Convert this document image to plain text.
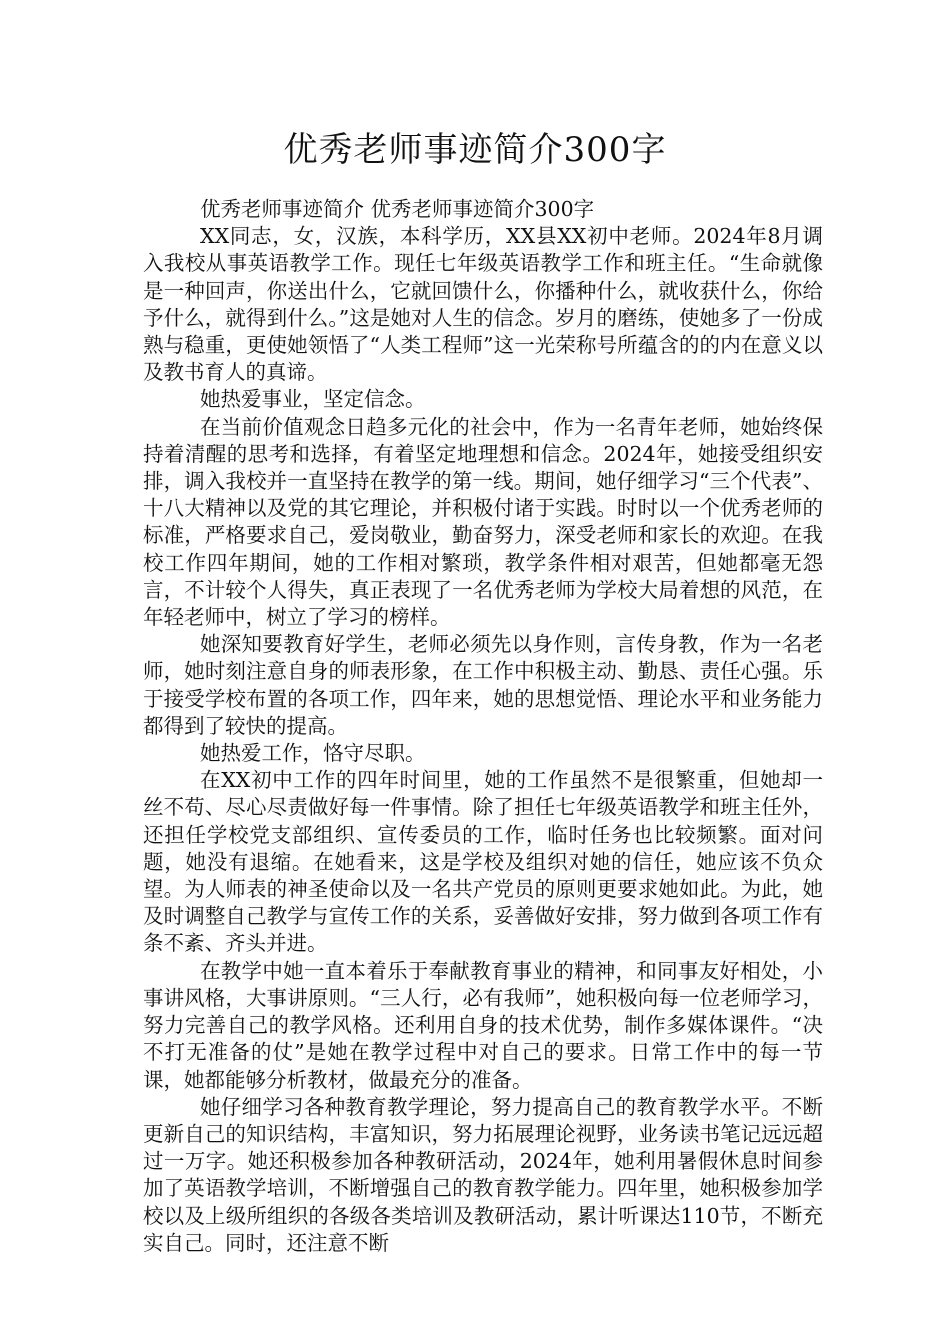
优秀老师事迹简介300字

优秀老师事迹简介 优秀老师事迹简介300字

XX同志，女，汉族，本科学历，XX县XX初中老师。2024年8月调入我校从事英语教学工作。现任七年级英语教学工作和班主任。“生命就像是一种回声，你送出什么，它就回馈什么，你播种什么，就收获什么，你给予什么，就得到什么。”这是她对人生的信念。岁月的磨练，使她多了一份成熟与稳重，更使她领悟了“人类工程师”这一光荣称号所蕴含的的内在意义以及教书育人的真谛。

她热爱事业，坚定信念。

在当前价值观念日趋多元化的社会中，作为一名青年老师，她始终保持着清醒的思考和选择，有着坚定地理想和信念。2024年，她接受组织安排，调入我校并一直坚持在教学的第一线。期间，她仔细学习“三个代表”、十八大精神以及党的其它理论，并积极付诸于实践。时时以一个优秀老师的标准，严格要求自己，爱岗敬业，勤奋努力，深受老师和家长的欢迎。在我校工作四年期间，她的工作相对繁琐，教学条件相对艰苦，但她都毫无怨言，不计较个人得失，真正表现了一名优秀老师为学校大局着想的风范，在年轻老师中，树立了学习的榜样。

她深知要教育好学生，老师必须先以身作则，言传身教，作为一名老师，她时刻注意自身的师表形象，在工作中积极主动、勤恳、责任心强。乐于接受学校布置的各项工作，四年来，她的思想觉悟、理论水平和业务能力都得到了较快的提高。

她热爱工作，恪守尽职。

在XX初中工作的四年时间里，她的工作虽然不是很繁重，但她却一丝不苟、尽心尽责做好每一件事情。除了担任七年级英语教学和班主任外，还担任学校党支部组织、宣传委员的工作，临时任务也比较频繁。面对问题，她没有退缩。在她看来，这是学校及组织对她的信任，她应该不负众望。为人师表的神圣使命以及一名共产党员的原则更要求她如此。为此，她及时调整自己教学与宣传工作的关系，妥善做好安排，努力做到各项工作有条不紊、齐头并进。

在教学中她一直本着乐于奉献教育事业的精神，和同事友好相处，小事讲风格，大事讲原则。“三人行，必有我师”，她积极向每一位老师学习，努力完善自己的教学风格。还利用自身的技术优势，制作多媒体课件。“决不打无准备的仗”是她在教学过程中对自己的要求。日常工作中的每一节课，她都能够分析教材，做最充分的准备。

她仔细学习各种教育教学理论，努力提高自己的教育教学水平。不断更新自己的知识结构，丰富知识，努力拓展理论视野，业务读书笔记远远超过一万字。她还积极参加各种教研活动，2024年，她利用暑假休息时间参加了英语教学培训，不断增强自己的教育教学能力。四年里，她积极参加学校以及上级所组织的各级各类培训及教研活动，累计听课达110节，不断充实自己。同时，还注意不断
